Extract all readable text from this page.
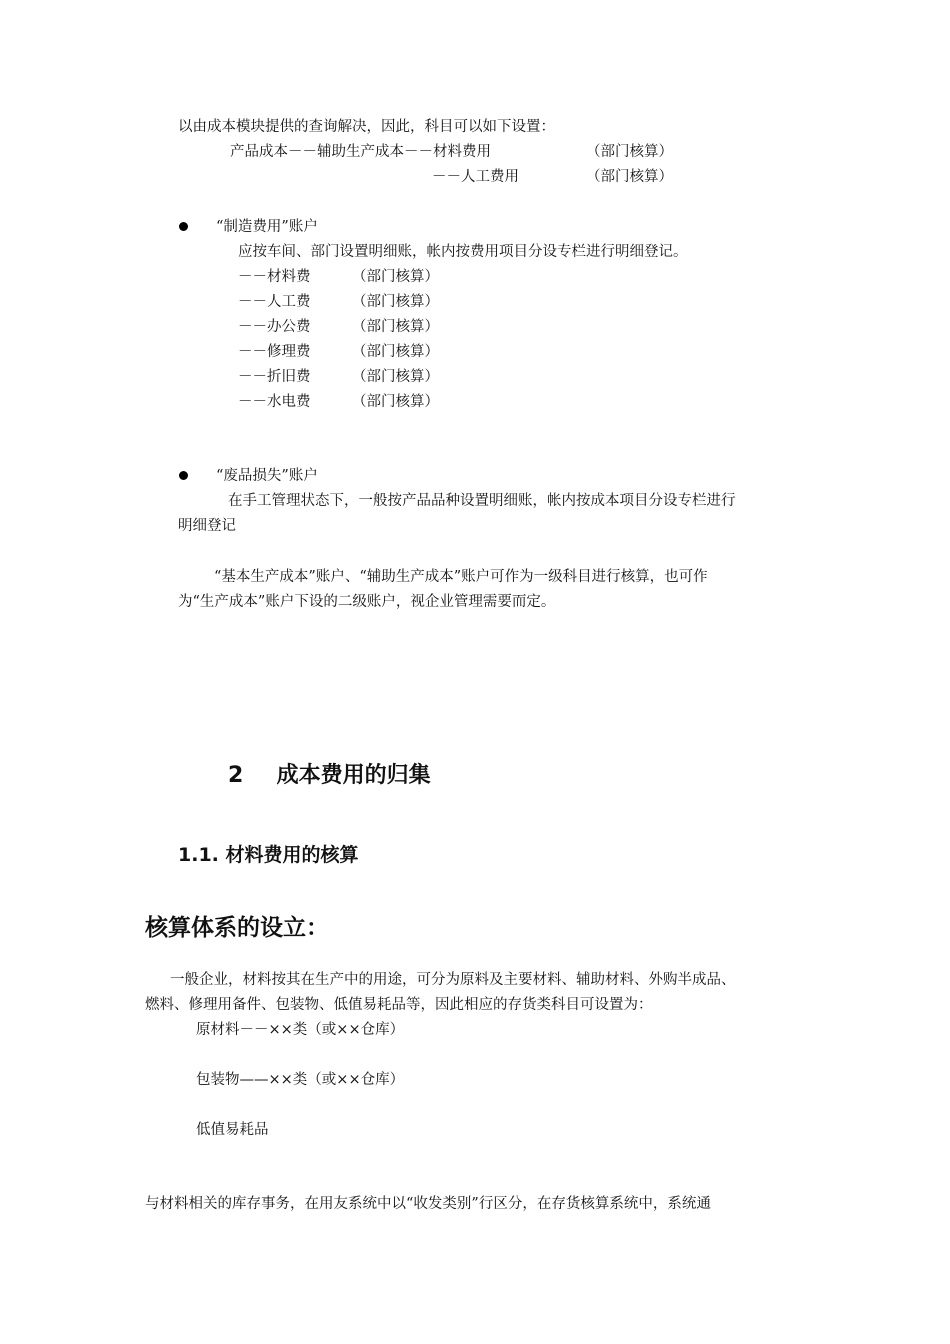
以由成本模块提供的查询解决，因此，科目可以如下设置：
产品成本－－辅助生产成本－－材料费用	（部门核算）
－－人工费用	（部门核算）
“制造费用”账户
应按车间、部门设置明细账，帐内按费用项目分设专栏进行明细登记。
－－材料费	（部门核算）
－－人工费	（部门核算）
－－办公费	（部门核算）
－－修理费	（部门核算）
－－折旧费	（部门核算）
－－水电费	（部门核算）
“废品损失”账户
在手工管理状态下，一般按产品品种设置明细账，帐内按成本项目分设专栏进行
明细登记
“基本生产成本”账户、“辅助生产成本”账户可作为一级科目进行核算，也可作
为“生产成本”账户下设的二级账户，视企业管理需要而定。
2 成本费用的归集
1.1. 材料费用的核算
核算体系的设立：
一般企业，材料按其在生产中的用途，可分为原料及主要材料、辅助材料、外购半成品、
燃料、修理用备件、包装物、低值易耗品等，因此相应的存货类科目可设置为：
原材料－－××类（或××仓库）
包装物——××类（或××仓库）
低值易耗品
与材料相关的库存事务，在用友系统中以“收发类别”行区分，在存货核算系统中，系统通
